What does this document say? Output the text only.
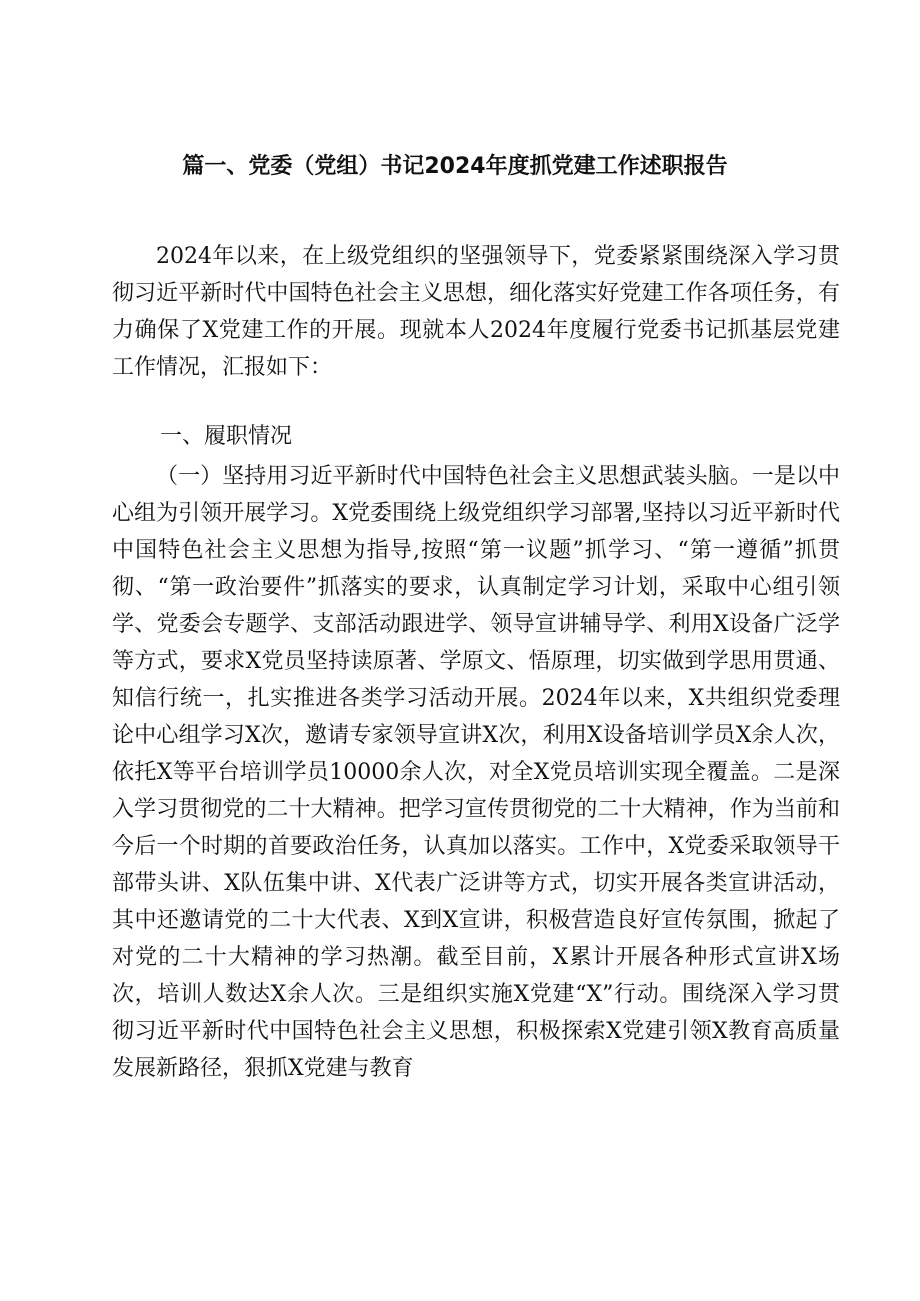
篇一、党委（党组）书记2024年度抓党建工作述职报告
2024年以来，在上级党组织的坚强领导下，党委紧紧围绕深入学习贯彻习近平新时代中国特色社会主义思想，细化落实好党建工作各项任务，有力确保了X党建工作的开展。现就本人2024年度履行党委书记抓基层党建工作情况，汇报如下：
一、履职情况
（一）坚持用习近平新时代中国特色社会主义思想武装头脑。一是以中心组为引领开展学习。X党委围绕上级党组织学习部署,坚持以习近平新时代中国特色社会主义思想为指导,按照“第一议题”抓学习、“第一遵循”抓贯彻、“第一政治要件”抓落实的要求，认真制定学习计划，采取中心组引领学、党委会专题学、支部活动跟进学、领导宣讲辅导学、利用X设备广泛学等方式，要求X党员坚持读原著、学原文、悟原理，切实做到学思用贯通、知信行统一，扎实推进各类学习活动开展。2024年以来，X共组织党委理论中心组学习X次，邀请专家领导宣讲X次，利用X设备培训学员X余人次，依托X等平台培训学员10000余人次，对全X党员培训实现全覆盖。二是深入学习贯彻党的二十大精神。把学习宣传贯彻党的二十大精神，作为当前和今后一个时期的首要政治任务，认真加以落实。工作中，X党委采取领导干部带头讲、X队伍集中讲、X代表广泛讲等方式，切实开展各类宣讲活动，其中还邀请党的二十大代表、X到X宣讲，积极营造良好宣传氛围，掀起了对党的二十大精神的学习热潮。截至目前，X累计开展各种形式宣讲X场次，培训人数达X余人次。三是组织实施X党建“X”行动。围绕深入学习贯彻习近平新时代中国特色社会主义思想，积极探索X党建引领X教育高质量发展新路径，狠抓X党建与教育
